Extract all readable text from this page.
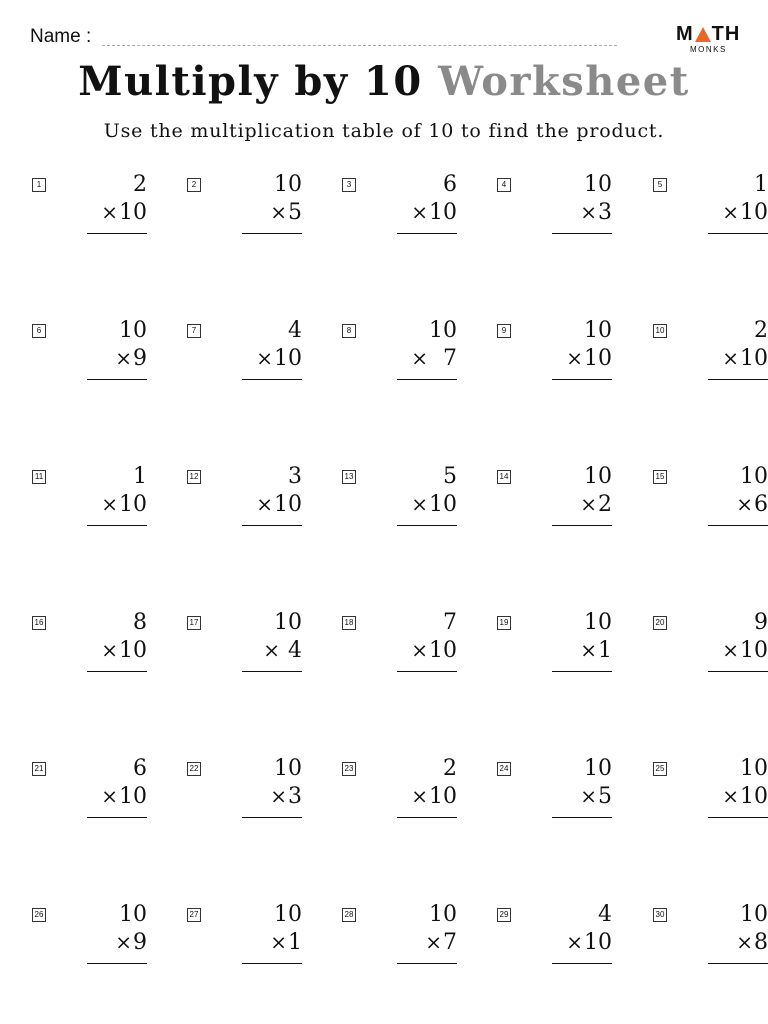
Name :	M TH
MONKS
Multiply by 10 Worksheet
Use the multiplication table of 10 to find the product.
1	2
×10
2	10
×5
3	6
×10
4	10
×3
5	1
×10
6	10
×9
7	4
×10
8	10
×  7
9	10
×10
10	2
×10
11	1
×10
12	3
×10
13	5
×10
14	10
×2
15	10
×6
16	8
×10
17	10
× 4
18	7
×10
19	10
×1
20	9
×10
21	6
×10
22	10
×3
23	2
×10
24	10
×5
25	10
×10
26	10
×9
27	10
×1
28	10
×7
29	4
×10
30	10
×8
